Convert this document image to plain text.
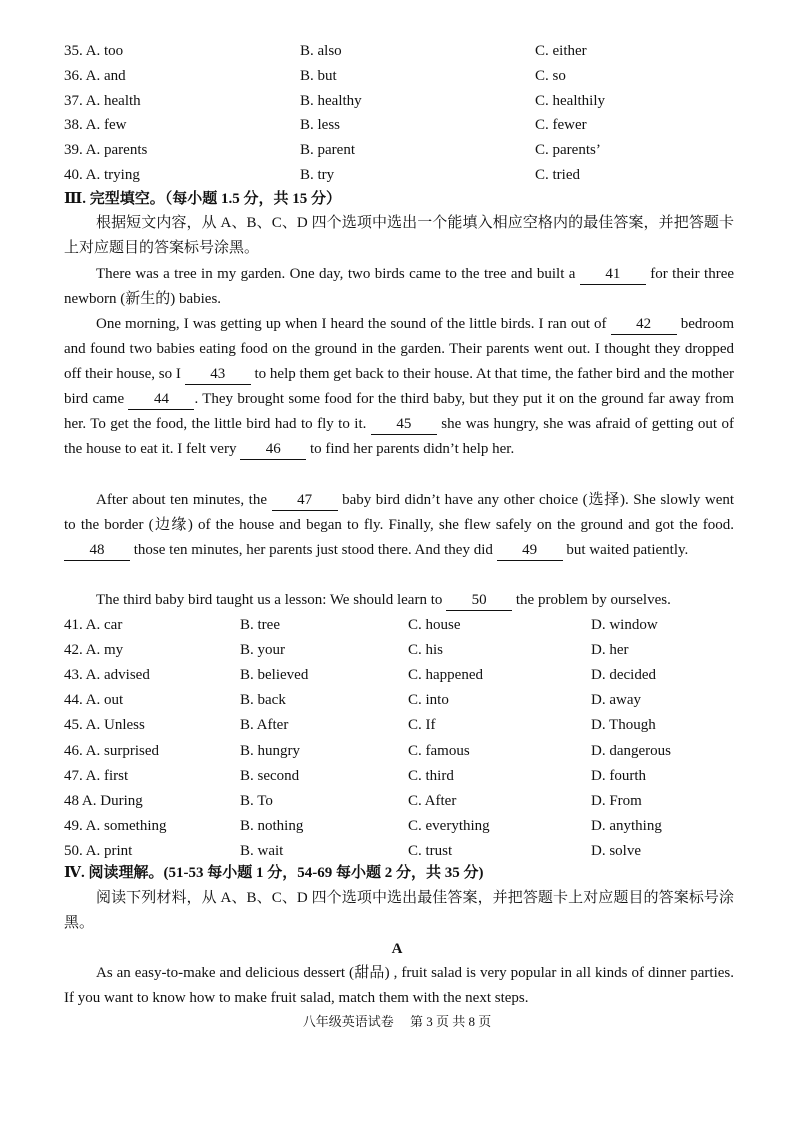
35. A. too	B. also	C. either
36. A. and	B. but	C. so
37. A. health	B. healthy	C. healthily
38. A. few	B. less	C. fewer
39. A. parents	B. parent	C. parents’
40. A. trying	B. try	C. tried
Ⅲ. 完型填空。（每小题 1.5 分，共 15 分）

根据短文内容，从 A、B、C、D 四个选项中选出一个能填入相应空格内的最佳答案，并把答题卡上对应题目的答案标号涂黑。

There was a tree in my garden. One day, two birds came to the tree and built a 41 for their three newborn (新生的) babies.

One morning, I was getting up when I heard the sound of the little birds. I ran out of 42 bedroom and found two babies eating food on the ground in the garden. Their parents went out. I thought they dropped off their house, so I 43 to help them get back to their house. At that time, the father bird and the mother bird came 44 . They brought some food for the third baby, but they put it on the ground far away from her. To get the food, the little bird had to fly to it. 45 she was hungry, she was afraid of getting out of the house to eat it. I felt very 46 to find her parents didn’t help her.

After about ten minutes, the 47 baby bird didn’t have any other choice (选择). She slowly went to the border (边缘) of the house and began to fly. Finally, she flew safely on the ground and got the food. 48 those ten minutes, her parents just stood there. And they did 49 but waited patiently.

The third baby bird taught us a lesson: We should learn to 50 the problem by ourselves.

41. A. car	B. tree	C. house	D. window
42. A. my	B. your	C. his	D. her
43. A. advised	B. believed	C. happened	D. decided
44. A. out	B. back	C. into	D. away
45. A. Unless	B. After	C. If	D. Though
46. A. surprised	B. hungry	C. famous	D. dangerous
47. A. first	B. second	C. third	D. fourth
48 A. During	B. To	C. After	D. From
49. A. something	B. nothing	C. everything	D. anything
50. A. print	B. wait	C. trust	D. solve
Ⅳ. 阅读理解。(51-53 每小题 1 分，54-69 每小题 2 分，共 35 分)

阅读下列材料，从 A、B、C、D 四个选项中选出最佳答案，并把答题卡上对应题目的答案标号涂黑。

A

As an easy-to-make and delicious dessert (甜品) , fruit salad is very popular in all kinds of dinner parties. If you want to know how to make fruit salad, match them with the next steps.

八年级英语试卷　 第 3 页 共 8 页
